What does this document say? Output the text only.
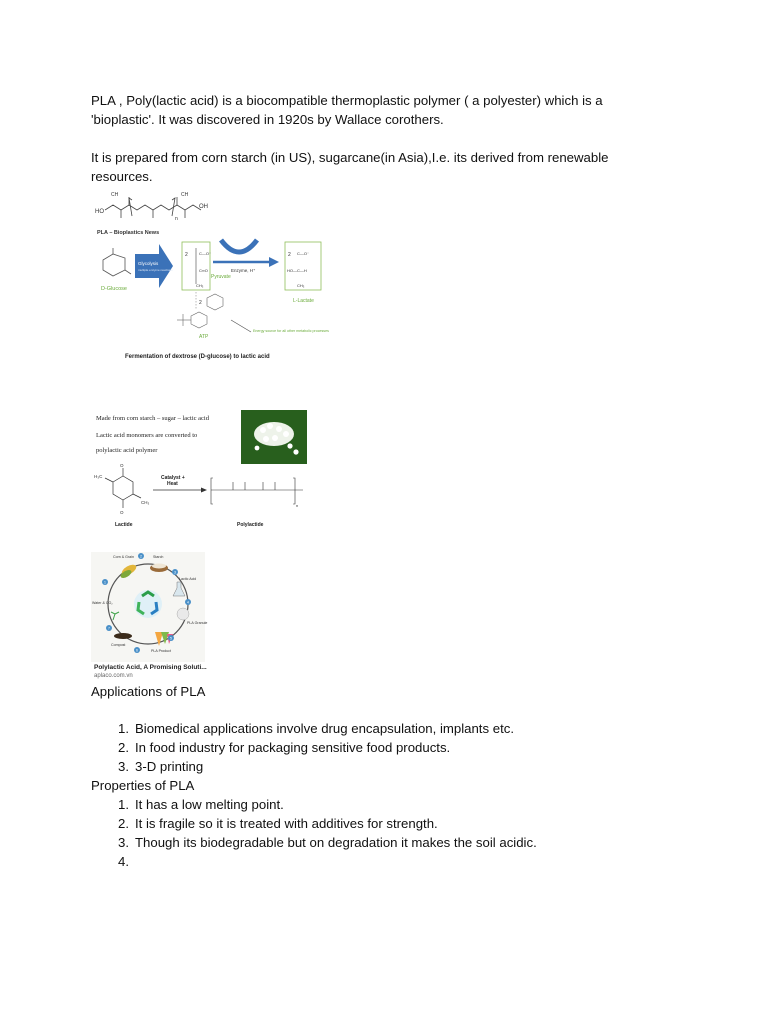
PLA , Poly(lactic acid) is a biocompatible thermoplastic polymer ( a polyester) which is a
'bioplastic'. It was discovered in 1920s by Wallace corothers.

It is prepared from corn starch (in US), sugarcane(in Asia),I.e. its derived from renewable
resources.

HO
OH
CH	CH
n
PLA – Bioplastics News
D-Glucose
Glycolysis
multiple enzyme reactions
2	C—O⁻
C═O
CH₃
Pyruvate
Enzyme, H⁺
2 C—O⁻
HO—C—H
CH₃
L-Lactate
2
ATP
Energy source for all other metabolic processes
Fermentation of dextrose (D-glucose) to lactic acid
Made from corn starch – sugar – lactic acid
Lactic acid monomers are converted to
polylactic acid polymer
H₃C
CH₃
O
O
Catalyst +
Heat
n
Lactide	Polylactide
2
3
4
5
6
7
1
Corn & Grain	Starch
Lactic Acid
PLA Granule
PLA Product
Compost
Water & CO₂
Polylactic Acid, A Promising Soluti...
aplaco.com.vn

Applications of PLA

1. Biomedical applications involve drug encapsulation, implants etc.
2. In food industry for packaging sensitive food products.
3. 3-D printing

Properties of PLA

1. It has a low melting point.
2. It is fragile so it is treated with additives for strength.
3. Though its biodegradable but on degradation it makes the soil acidic.
4.
